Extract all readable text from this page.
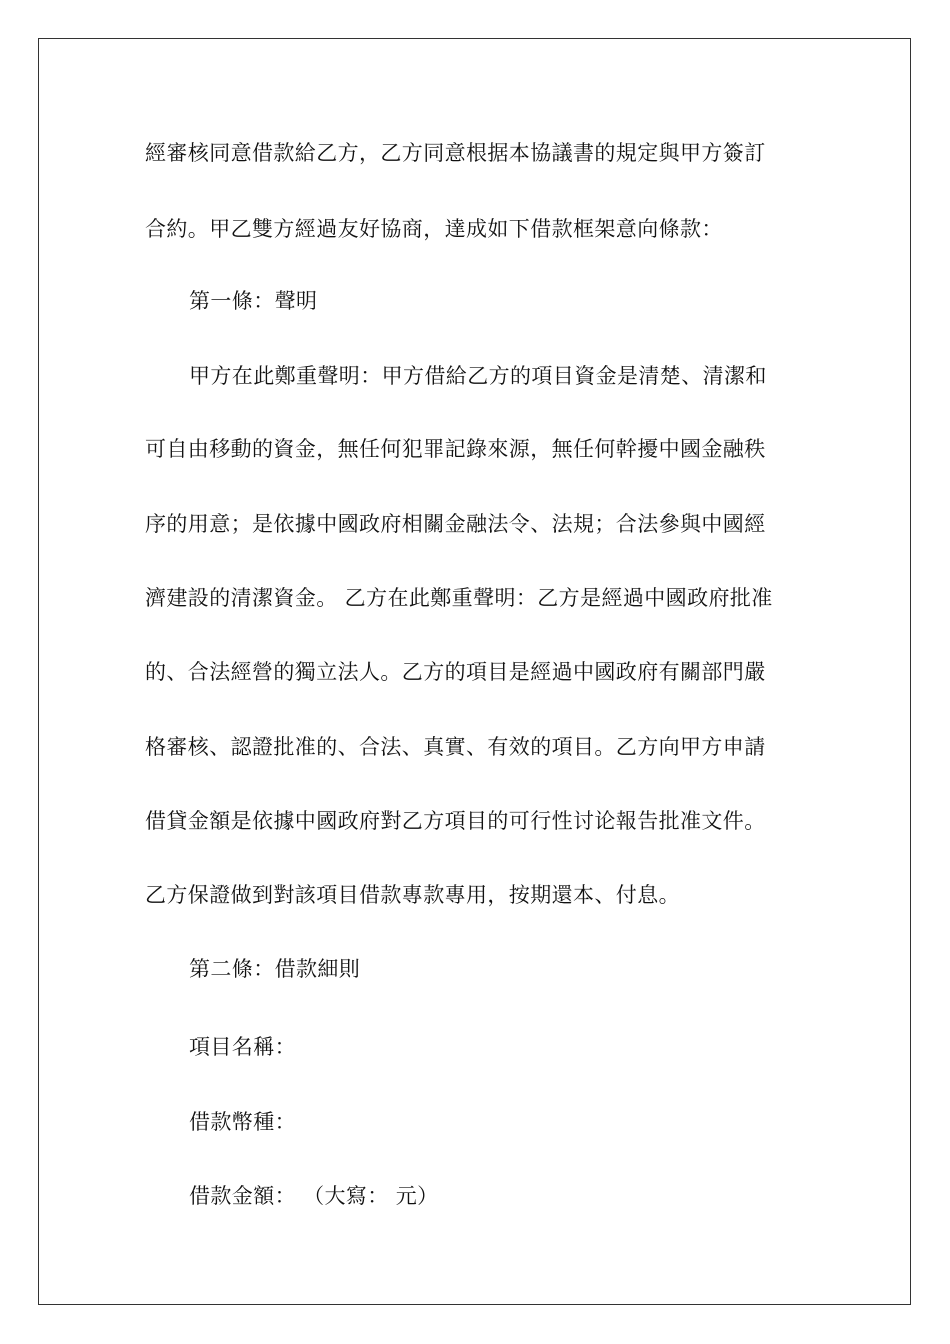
經審核同意借款給乙方，乙方同意根据本協議書的規定與甲方簽訂
合約。甲乙雙方經過友好協商，達成如下借款框架意向條款：
第一條：聲明
甲方在此鄭重聲明：甲方借給乙方的項目資金是清楚、清潔和
可自由移動的資金，無任何犯罪記錄來源，無任何幹擾中國金融秩
序的用意；是依據中國政府相關金融法令、法規；合法參與中國經
濟建設的清潔資金。 乙方在此鄭重聲明：乙方是經過中國政府批准
的、合法經營的獨立法人。乙方的項目是經過中國政府有關部門嚴
格審核、認證批准的、合法、真實、有效的項目。乙方向甲方申請
借貸金額是依據中國政府對乙方項目的可行性讨论報告批准文件。
乙方保證做到對該項目借款專款專用，按期還本、付息。
第二條：借款細則
項目名稱：
借款幣種：
借款金額： （大寫： 元）
